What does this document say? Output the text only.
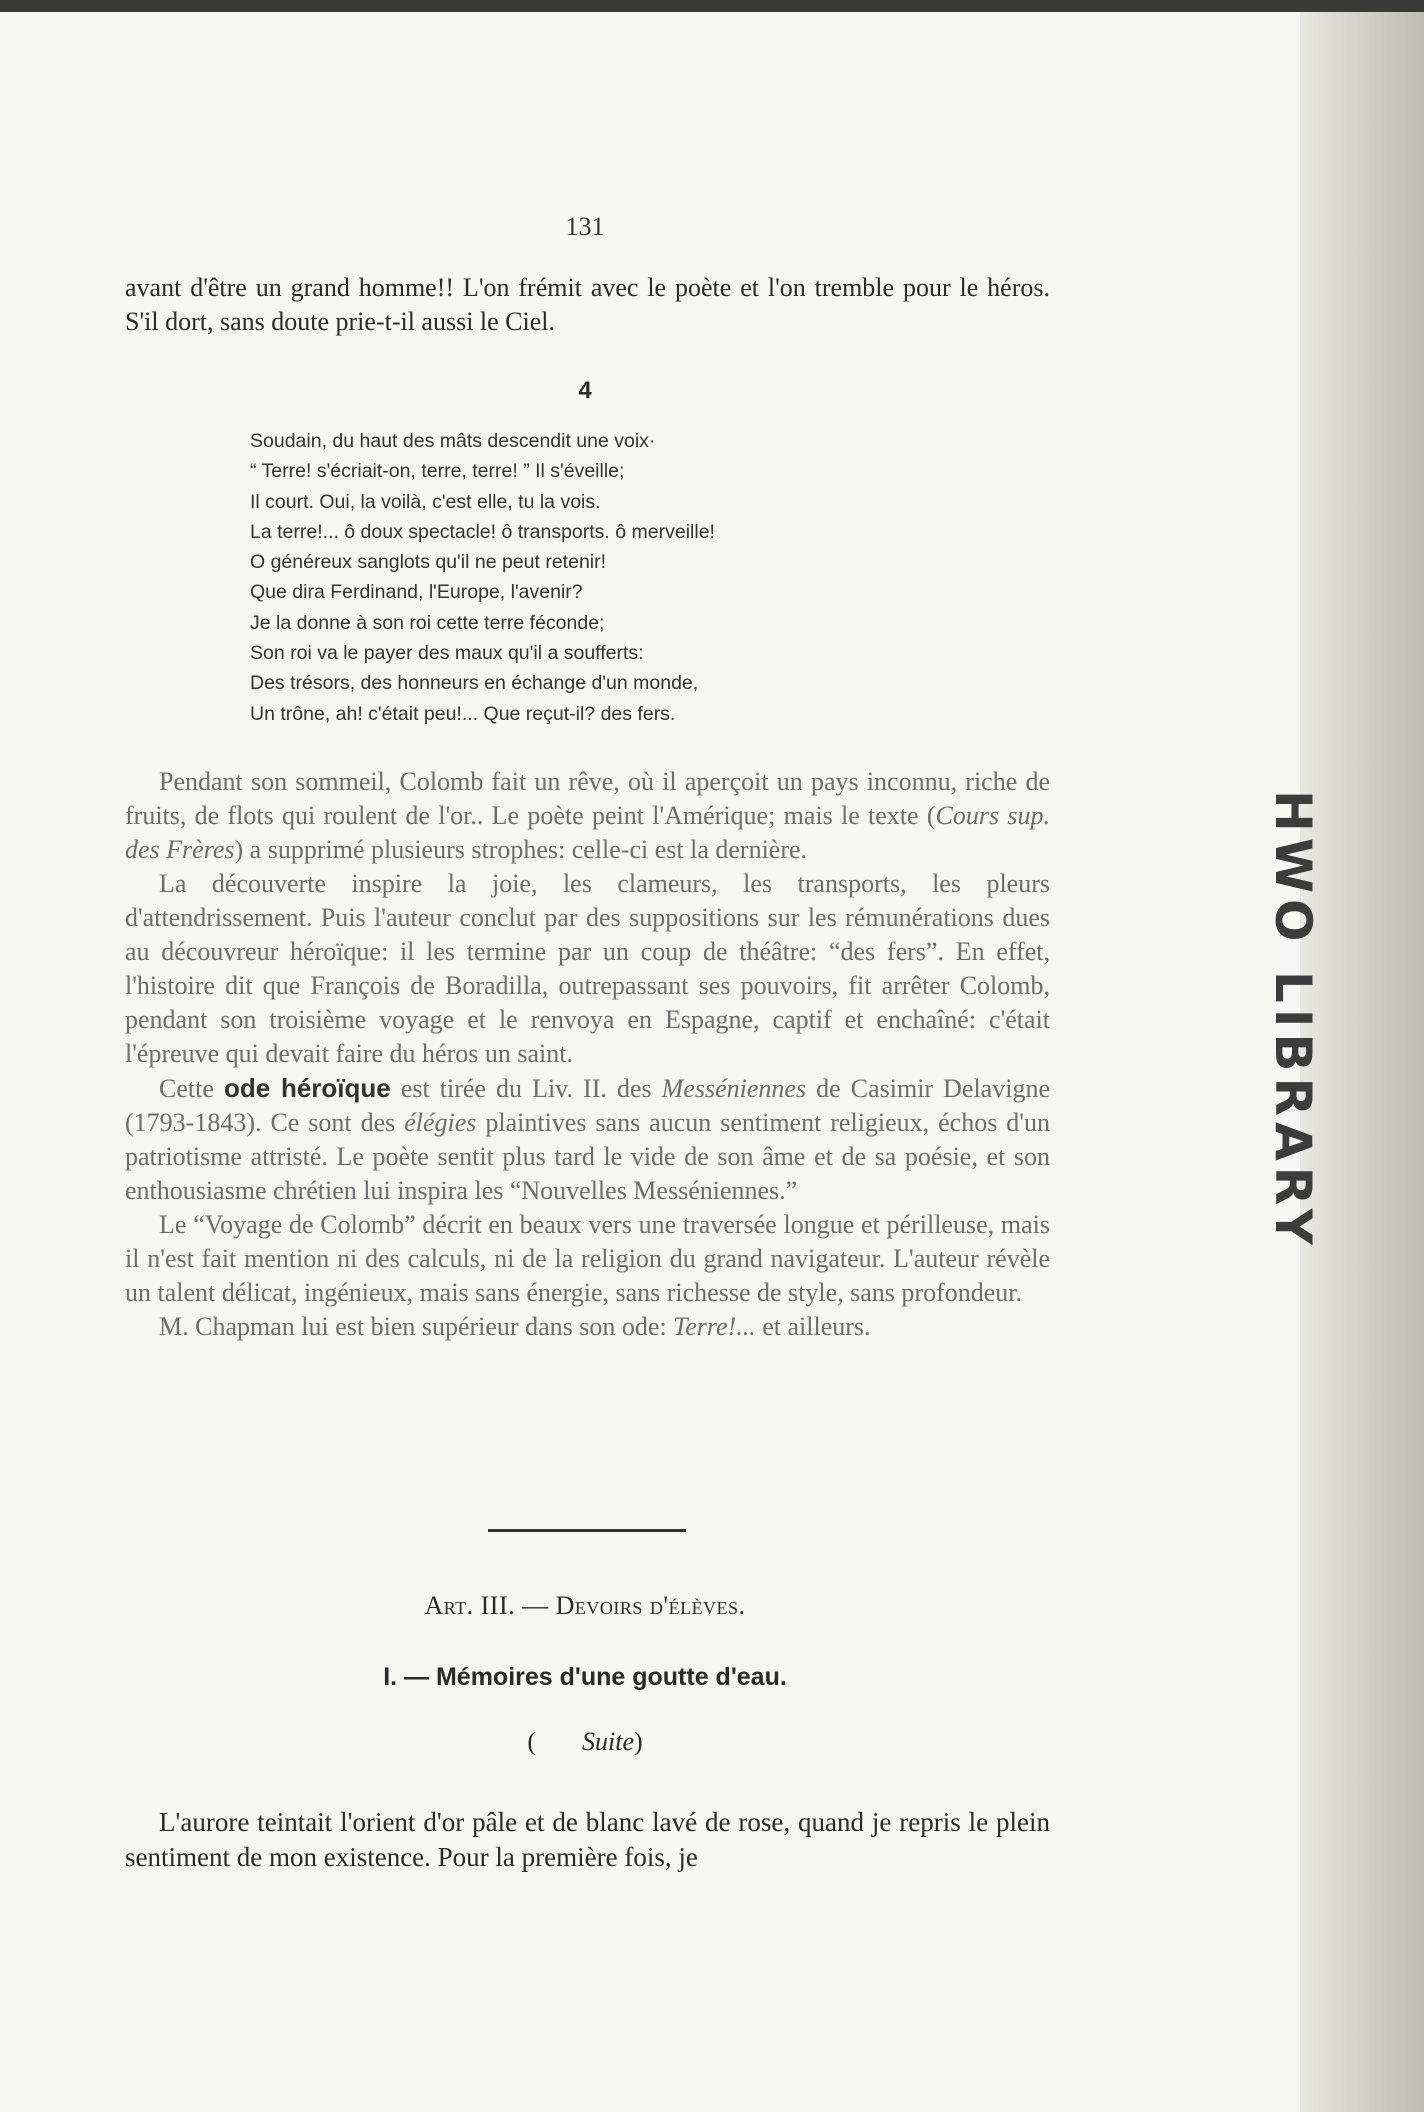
HWO LIBRARY
131

avant d'être un grand homme!! L'on frémit avec le poète et l'on tremble pour le héros. S'il dort, sans doute prie-t-il aussi le Ciel.

4
Soudain, du haut des mâts descendit une voix·
“ Terre! s'écriait-on, terre, terre! ” Il s'éveille;
Il court. Oui, la voilà, c'est elle, tu la vois.
La terre!... ô doux spectacle! ô transports. ô merveille!
O généreux sanglots qu'il ne peut retenir!
Que dira Ferdinand, l'Europe, l'avenir?
Je la donne à son roi cette terre féconde;
Son roi va le payer des maux qu'il a soufferts:
Des trésors, des honneurs en échange d'un monde,
Un trône, ah! c'était peu!... Que reçut-il? des fers.

Pendant son sommeil, Colomb fait un rêve, où il aperçoit un pays inconnu, riche de fruits, de flots qui roulent de l'or.. Le poète peint l'Amérique; mais le texte (Cours sup. des Frères) a supprimé plusieurs strophes: celle-ci est la dernière.

La découverte inspire la joie, les clameurs, les transports, les pleurs d'attendrissement. Puis l'auteur conclut par des suppositions sur les rémunérations dues au découvreur héroïque: il les termine par un coup de théâtre: “des fers”. En effet, l'histoire dit que François de Boradilla, outrepassant ses pouvoirs, fit arrêter Colomb, pendant son troisième voyage et le renvoya en Espagne, captif et enchaîné: c'était l'épreuve qui devait faire du héros un saint.

Cette ode héroïque est tirée du Liv. II. des Messéniennes de Casimir Delavigne (1793-1843). Ce sont des élégies plaintives sans aucun sentiment religieux, échos d'un patriotisme attristé. Le poète sentit plus tard le vide de son âme et de sa poésie, et son enthousiasme chrétien lui inspira les “Nouvelles Messéniennes.”

Le “Voyage de Colomb” décrit en beaux vers une traversée longue et périlleuse, mais il n'est fait mention ni des calculs, ni de la religion du grand navigateur. L'auteur révèle un talent délicat, ingénieux, mais sans énergie, sans richesse de style, sans profondeur.

M. Chapman lui est bien supérieur dans son ode: Terre!... et ailleurs.

Art. III. — Devoirs d'élèves.
I. — Mémoires d'une goutte d'eau.
( Suite)

L'aurore teintait l'orient d'or pâle et de blanc lavé de rose, quand je repris le plein sentiment de mon existence. Pour la première fois, je
